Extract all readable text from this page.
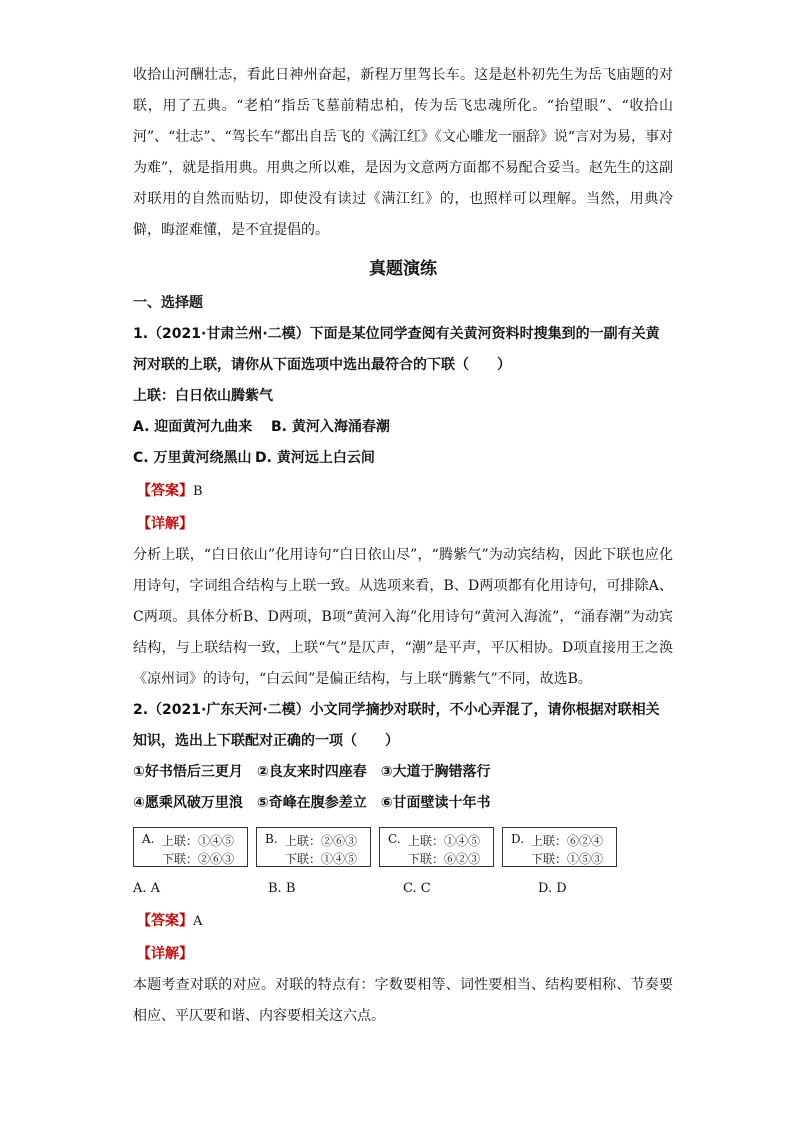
收拾山河酬壮志，看此日神州奋起，新程万里驾长车。这是赵朴初先生为岳飞庙题的对联，用了五典。“老柏”指岳飞墓前精忠柏，传为岳飞忠魂所化。“抬望眼”、“收拾山河”、“壮志”、“驾长车”都出自岳飞的《满江红》《文心雕龙一丽辞》说“言对为易，事对为难”，就是指用典。用典之所以难，是因为文意两方面都不易配合妥当。赵先生的这副对联用的自然而贴切，即使没有读过《满江红》的，也照样可以理解。当然，用典冷僻，晦涩难懂，是不宜提倡的。

真题演练

一、选择题

1.（2021·甘肃兰州·二模）下面是某位同学查阅有关黄河资料时搜集到的一副有关黄河对联的上联，请你从下面选项中选出最符合的下联（　　）

上联：白日依山腾紫气

A. 迎面黄河九曲来	B. 黄河入海涌春潮
C. 万里黄河绕黑山 D. 黄河远上白云间

【答案】B

【详解】

分析上联，“白日依山”化用诗句“白日依山尽”，“腾紫气”为动宾结构，因此下联也应化用诗句，字词组合结构与上联一致。从选项来看，B、D两项都有化用诗句，可排除A、C两项。具体分析B、D两项，B项“黄河入海”化用诗句“黄河入海流”，“涌春潮”为动宾结构，与上联结构一致，上联“气”是仄声，“潮”是平声，平仄相协。D项直接用王之涣《凉州词》的诗句，“白云间”是偏正结构，与上联“腾紫气”不同，故选B。

2.（2021·广东天河·二模）小文同学摘抄对联时，不小心弄混了，请你根据对联相关知识，选出上下联配对正确的一项（　　）

①好书悟后三更月　②良友来时四座春　③大道于胸错落行

④愿乘风破万里浪　⑤奇峰在腹参差立　⑥甘面壁读十年书

A. 上联：①④⑤
下联：②⑥③
B. 上联：②⑥③
下联：①④⑤
C. 上联：①④⑤
下联：⑥②③
D. 上联：⑥②④
下联：①⑤③
A. A	B. B	C. C	D. D

【答案】A

【详解】

本题考查对联的对应。对联的特点有：字数要相等、词性要相当、结构要相称、节奏要相应、平仄要和谐、内容要相关这六点。
